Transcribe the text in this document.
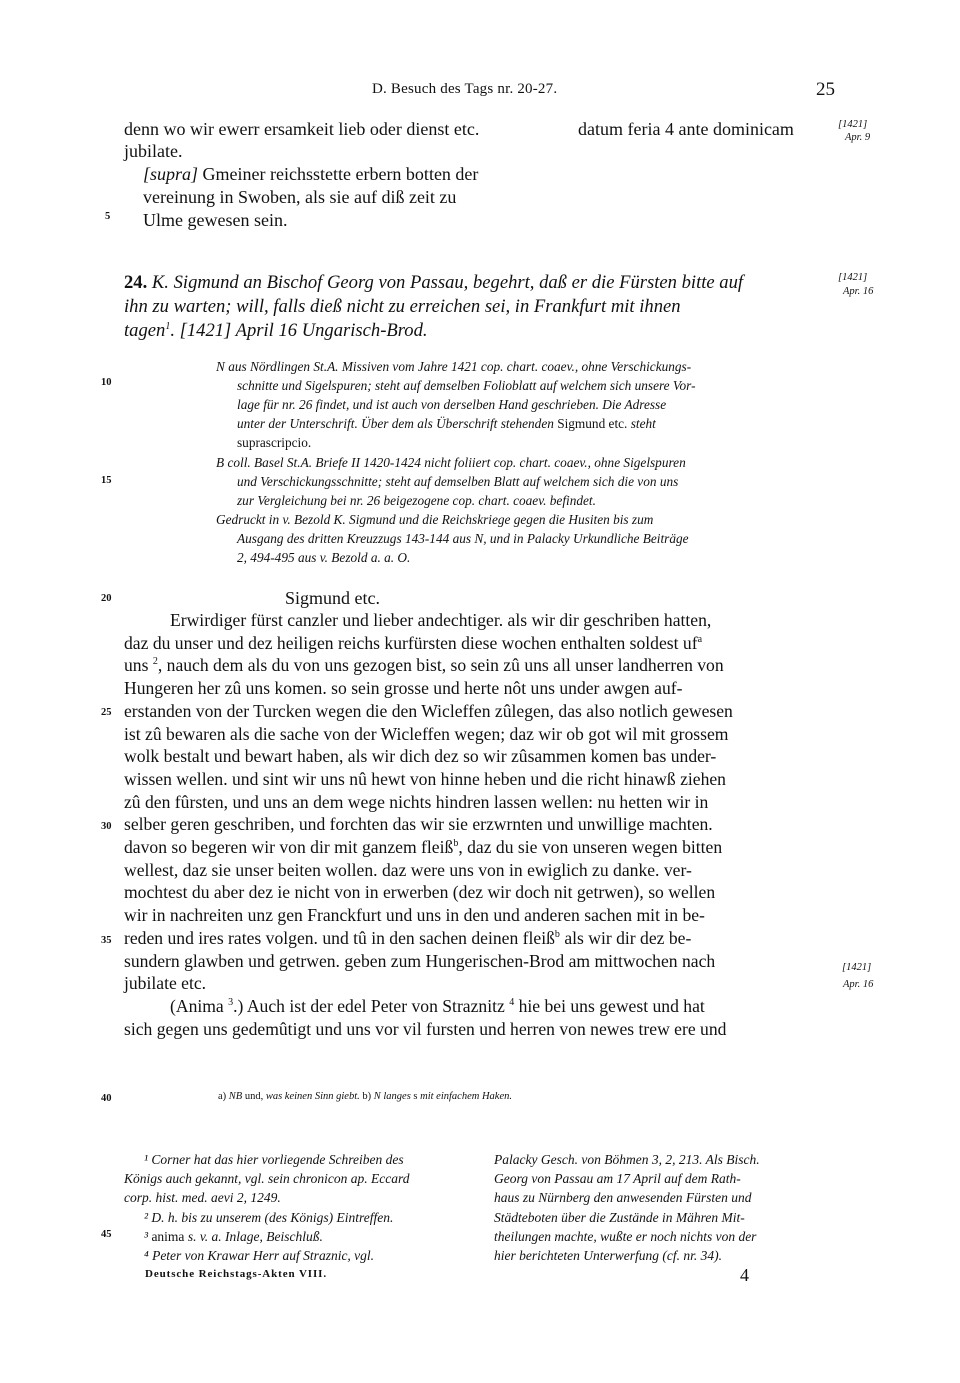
D. Besuch des Tags nr. 20-27.	25
denn wo wir ewerr ersamkeit lieb oder dienst etc.
jubilate.
[supra] Gmeiner reichsstette erbern botten der
vereinung in Swoben, als sie auf diß zeit zu
Ulme gewesen sein.
datum feria 4 ante dominicam	[1421]
Apr. 9
24. K. Sigmund an Bischof Georg von Passau, begehrt, daß er die Fürsten bitte auf
ihn zu warten; will, falls dieß nicht zu erreichen sei, in Frankfurt mit ihnen
tagen$^1$. [1421] April 16 Ungarisch-Brod.
[1421]
Apr. 16
N aus Nördlingen St.A. Missiven vom Jahre 1421 cop. chart. coaev., ohne Verschickungs-
schnitte und Sigelspuren; steht auf demselben Folioblatt auf welchem sich unsere Vor-
lage für nr. 26 findet, und ist auch von derselben Hand geschrieben. Die Adresse
unter der Unterschrift. Über dem als Überschrift stehenden Sigmund etc. steht
suprascripcio.
B coll. Basel St.A. Briefe II 1420-1424 nicht foliiert cop. chart. coaev., ohne Sigelspuren
und Verschickungsschnitte; steht auf demselben Blatt auf welchem sich die von uns
zur Vergleichung bei nr. 26 beigezogene cop. chart. coaev. befindet.
Gedruckt in v. Bezold K. Sigmund und die Reichskriege gegen die Husiten bis zum
Ausgang des dritten Kreuzzugs 143-144 aus N, und in Palacky Urkundliche Beiträge
2, 494-495 aus v. Bezold a. a. O.
Sigmund etc.

Erwirdiger fürst canzler und lieber andechtiger. als wir dir geschriben hatten,

daz du unser und dez heiligen reichs kurfürsten diese wochen enthalten soldest $uf^a$

uns $^2$, nauch dem als du von uns gezogen bist, so sein zû uns all unser landherren von

Hungeren her zû uns komen. so sein grosse und herte nôt uns under awgen auf-

erstanden von der Turcken wegen die den Wicleffen zûlegen, das also notlich gewesen

ist zû bewaren als die sache von der Wicleffen wegen; daz wir ob got wil mit grossem

wolk bestalt und bewart haben, als wir dich dez so wir zûsammen komen bas under-

wissen wellen. und sint wir uns nû hewt von hinne heben und die richt hinawß ziehen

zû den fûrsten, und uns an dem wege nichts hindren lassen wellen: nu hetten wir in

selber geren geschriben, und forchten das wir sie erzwrnten und unwillige machten.

davon so begeren wir von dir mit ganzem fleiß$^b$, daz du sie von unseren wegen bitten

wellest, daz sie unser beiten wollen. daz were uns von in ewiglich zu danke. ver-

mochtest du aber dez ie nicht von in erwerben (dez wir doch nit getrwen), so wellen

wir in nachreiten unz gen Franckfurt und uns in den und anderen sachen mit in be-

reden und ires rates volgen. und tû in den sachen deinen fleiß$^b$ als wir dir dez be-

sundern glawben und getrwen. geben zum Hungerischen-Brod am mittwochen nach

jubilate etc.

(Anima $^3$.) Auch ist der edel Peter von Straznitz $^4$ hie bei uns gewest und hat

sich gegen uns gedemûtigt und uns vor vil fursten und herren von newes trew ere und

[1421]
Apr. 16
5
10
15
20
25
30
35
40
45
a) NB und, was keinen Sinn giebt. b) N langes s mit einfachem Haken.
¹ Corner hat das hier vorliegende Schreiben des
Königs auch gekannt, vgl. sein chronicon ap. Eccard
corp. hist. med. aevi 2, 1249.
² D. h. bis zu unserem (des Königs) Eintreffen.
³ anima s. v. a. Inlage, Beischluß.
⁴ Peter von Krawar Herr auf Straznic, vgl.
Palacky Gesch. von Böhmen 3, 2, 213. Als Bisch.
Georg von Passau am 17 April auf dem Rath-
haus zu Nürnberg den anwesenden Fürsten und
Städteboten über die Zustände in Mähren Mit-
theilungen machte, wußte er noch nichts von der
hier berichteten Unterwerfung (cf. nr. 34).
Deutsche Reichstags-Akten VIII.	4
